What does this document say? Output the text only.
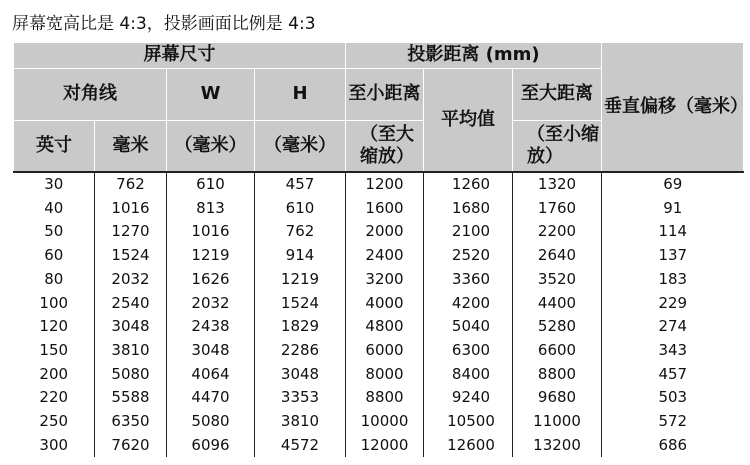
屏幕宽高比是 4:3，投影画面比例是 4:3
屏幕尺寸				投影距离 (mm)			垂直偏移（毫米）
对角线		W	H	至小距离	平均值	至大距离	
英寸	毫米	（毫米）	（毫米）	（至大缩放）		（至小缩放）	
30	762	610	457	1200	1260	1320	69
40	1016	813	610	1600	1680	1760	91
50	1270	1016	762	2000	2100	2200	114
60	1524	1219	914	2400	2520	2640	137
80	2032	1626	1219	3200	3360	3520	183
100	2540	2032	1524	4000	4200	4400	229
120	3048	2438	1829	4800	5040	5280	274
150	3810	3048	2286	6000	6300	6600	343
200	5080	4064	3048	8000	8400	8800	457
220	5588	4470	3353	8800	9240	9680	503
250	6350	5080	3810	10000	10500	11000	572
300	7620	6096	4572	12000	12600	13200	686
